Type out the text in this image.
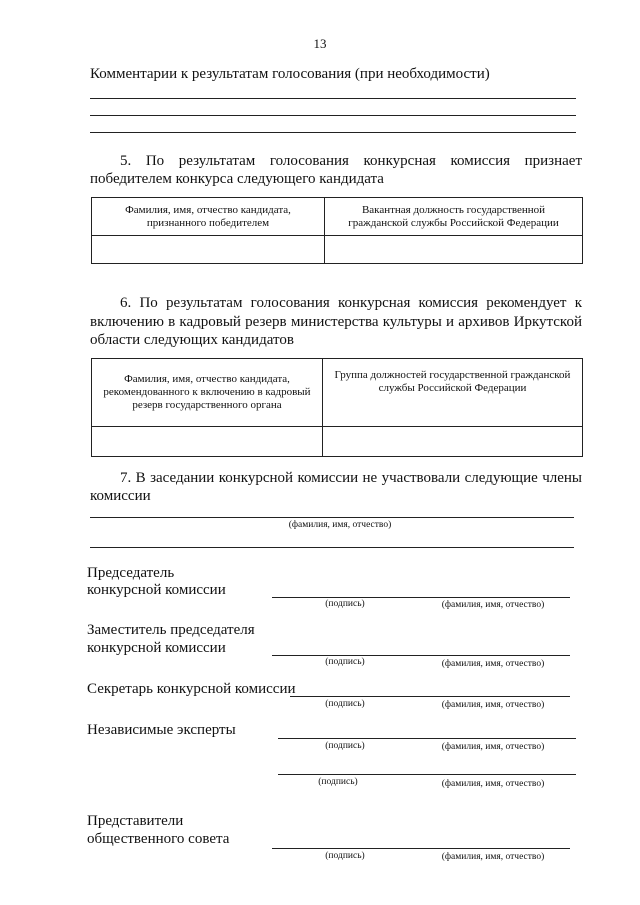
13
Комментарии к результатам голосования (при необходимости)
5. По результатам голосования конкурсная комиссия признает
победителем конкурса следующего кандидата
Фамилия, имя, отчество кандидата, признанного победителем	Вакантная должность государственной гражданской службы Российской Федерации

6. По результатам голосования конкурсная комиссия рекомендует к
включению в кадровый резерв министерства культуры и архивов Иркутской
области следующих кандидатов
Фамилия, имя, отчество кандидата, рекомендованного к включению в кадровый резерв государственного органа	Группа должностей государственной гражданской службы Российской Федерации

7. В заседании конкурсной комиссии не участвовали следующие члены
комиссии
(фамилия, имя, отчество)
Председатель
конкурсной комиссии
(подпись)	(фамилия, имя, отчество)
Заместитель председателя
конкурсной комиссии
(подпись)	(фамилия, имя, отчество)
Секретарь конкурсной комиссии
(подпись)	(фамилия, имя, отчество)
Независимые эксперты
(подпись)	(фамилия, имя, отчество)
(подпись)	(фамилия, имя, отчество)
Представители
общественного совета
(подпись)	(фамилия, имя, отчество)
